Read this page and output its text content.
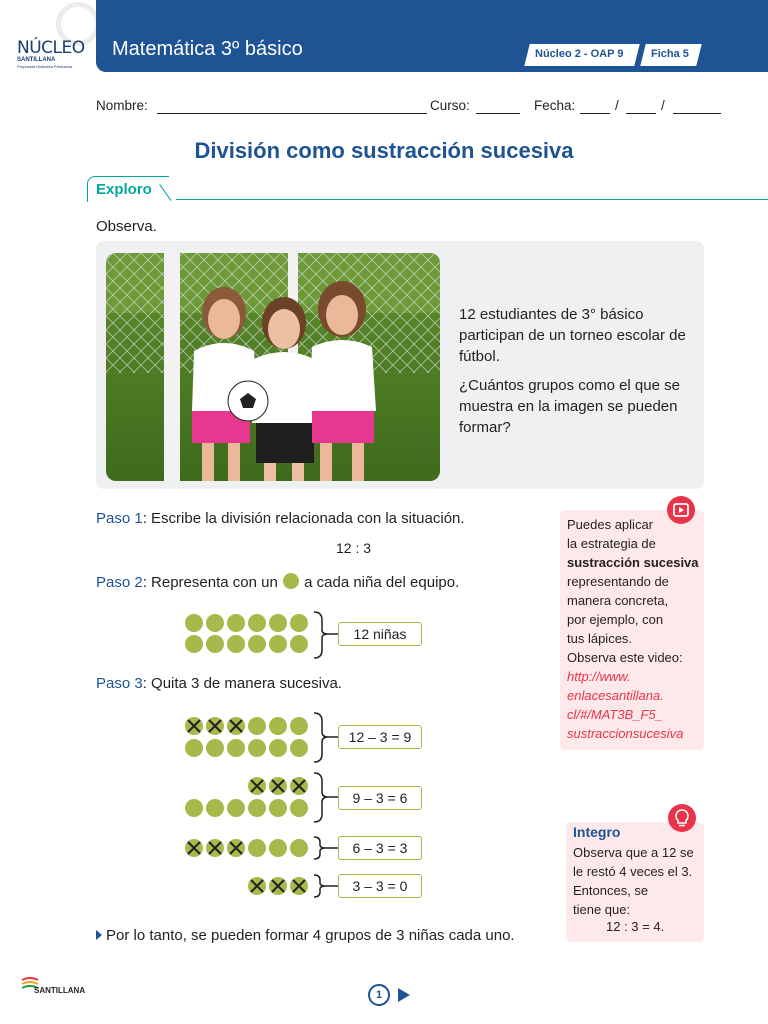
NÚCLEO
SANTILLANA
Propuesta Didáctica Priorizada
Matemática 3º básico	Núcleo 2 - OAP 9	Ficha 5
Nombre:	Curso:	Fecha:	/	/
División como sustracción sucesiva
Exploro
Observa.

12 estudiantes de 3° básico participan de un torneo escolar de fútbol.

¿Cuántos grupos como el que se muestra en la imagen se pueden formar?

Paso 1: Escribe la división relacionada con la situación.
12 : 3
Paso 2: Representa con un a cada niña del equipo.
12 niñas
Paso 3: Quita 3 de manera sucesiva.
12 – 3 = 9
9 – 3 = 6
6 – 3 = 3
3 – 3 = 0
Por lo tanto, se pueden formar 4 grupos de 3 niñas cada uno.
Puedes aplicar
la estrategia de
sustracción sucesiva
representando de
manera concreta,
por ejemplo, con
tus lápices.
Observa este video:
http://www.
enlacesantillana.
cl/#/MAT3B_F5_
sustraccionsucesiva
Integro
Observa que a 12 se
le restó 4 veces el 3.
Entonces, se
tiene que:
12 : 3 = 4.
SANTILLANA	1
